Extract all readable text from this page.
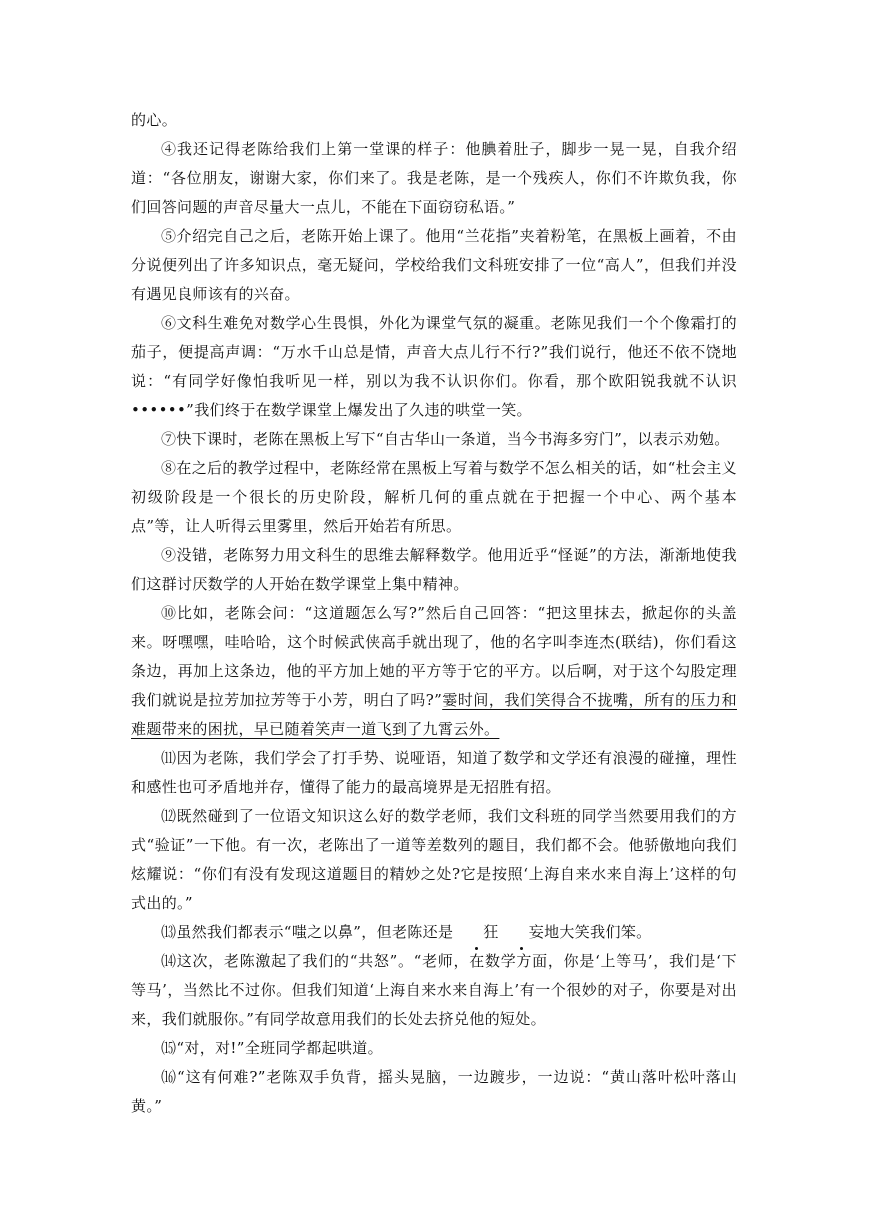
的心。

④我还记得老陈给我们上第一堂课的样子：他腆着肚子，脚步一晃一晃，自我介绍道：“各位朋友，谢谢大家，你们来了。我是老陈，是一个残疾人，你们不许欺负我，你们回答问题的声音尽量大一点儿，不能在下面窃窃私语。”

⑤介绍完自己之后，老陈开始上课了。他用“兰花指”夹着粉笔，在黑板上画着，不由分说便列出了许多知识点，毫无疑问，学校给我们文科班安排了一位“高人”，但我们并没有遇见良师该有的兴奋。

⑥文科生难免对数学心生畏惧，外化为课堂气氛的凝重。老陈见我们一个个像霜打的茄子，便提高声调：“万水千山总是情，声音大点儿行不行?”我们说行，他还不依不饶地说：“有同学好像怕我听见一样，别以为我不认识你们。你看，那个欧阳锐我就不认识 ••••••”我们终于在数学课堂上爆发出了久违的哄堂一笑。

⑦快下课时，老陈在黑板上写下“自古华山一条道，当今书海多穷门”，以表示劝勉。

⑧在之后的教学过程中，老陈经常在黑板上写着与数学不怎么相关的话，如“杜会主义初级阶段是一个很长的历史阶段，解析几何的重点就在于把握一个中心、两个基本点”等，让人听得云里雾里，然后开始若有所思。

⑨没错，老陈努力用文科生的思维去解释数学。他用近乎“怪诞”的方法，渐渐地使我们这群讨厌数学的人开始在数学课堂上集中精神。

⑩比如，老陈会问：“这道题怎么写?”然后自己回答：“把这里抹去，掀起你的头盖来。呀嘿嘿，哇哈哈，这个时候武侠高手就出现了，他的名字叫李连杰(联结)，你们看这条边，再加上这条边，他的平方加上她的平方等于它的平方。以后啊，对于这个勾股定理我们就说是拉芳加拉芳等于小芳，明白了吗?”霎时间，我们笑得合不拢嘴，所有的压力和难题带来的困扰，早已随着笑声一道飞到了九霄云外。

⑾因为老陈，我们学会了打手势、说哑语，知道了数学和文学还有浪漫的碰撞，理性和感性也可矛盾地并存，懂得了能力的最高境界是无招胜有招。

⑿既然碰到了一位语文知识这么好的数学老师，我们文科班的同学当然要用我们的方式“验证”一下他。有一次，老陈出了一道等差数列的题目，我们都不会。他骄傲地向我们炫耀说：“你们有没有发现这道题目的精妙之处?它是按照‘上海自来水来自海上’这样的句式出的。”

⒀虽然我们都表示“嗤之以鼻”，但老陈还是 狂 妄地大笑我们笨。

⒁这次，老陈激起了我们的“共怒”。“老师，在数学方面，你是‘上等马’，我们是‘下等马’，当然比不过你。但我们知道‘上海自来水来自海上’有一个很妙的对子，你要是对出来，我们就服你。”有同学故意用我们的长处去挤兑他的短处。

⒂“对，对!”全班同学都起哄道。

⒃“这有何难?”老陈双手负背，摇头晃脑，一边踱步，一边说：“黄山落叶松叶落山黄。”
